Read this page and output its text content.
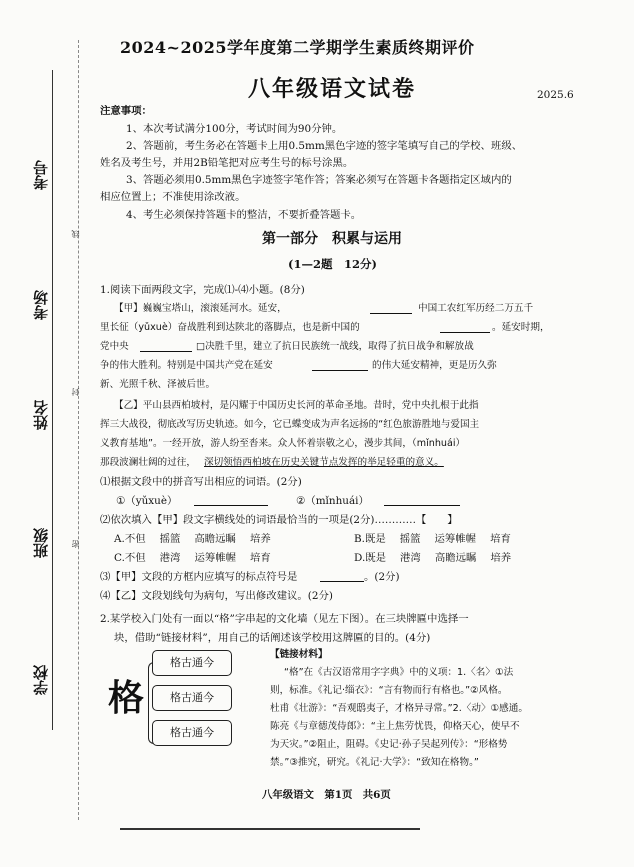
考号
考场
姓名
班级
学校
线
封
密
2024~2025学年度第二学期学生素质终期评价
八年级语文试卷	2025.6
注意事项：
1、本次考试满分100分，考试时间为90分钟。
2、答题前，考生务必在答题卡上用0.5mm黑色字迹的签字笔填写自己的学校、班级、
姓名及考生号，并用2B铅笔把对应考生号的标号涂黑。
3、答题必须用0.5mm黑色字迹签字笔作答；答案必须写在答题卡各题指定区域内的
相应位置上；不准使用涂改液。
4、考生必须保持答题卡的整洁，不要折叠答题卡。
第一部分　积累与运用
(1—2题　12分)
1.阅读下面两段文字，完成⑴-⑷小题。(8分)
【甲】巍巍宝塔山，滚滚延河水。延安，	中国工农红军历经二万五千
里长征（yǔxuè）奋战胜利到达陕北的落脚点，也是新中国的	。延安时期，
党中央	□决胜千里，建立了抗日民族统一战线，取得了抗日战争和解放战
争的伟大胜利。特别是中国共产党在延安	的伟大延安精神，更是历久弥
新、光照千秋、泽被后世。
【乙】平山县西柏坡村，是闪耀于中国历史长河的革命圣地。昔时，党中央扎根于此指
挥三大战役，彻底改写历史轨迹。如今，它已蝶变成为声名远扬的“红色旅游胜地与爱国主
义教育基地”。一经开放，游人纷至沓来。众人怀着崇敬之心，漫步其间，（mǐnhuái）
那段波澜壮阔的过往， 深切领悟西柏坡在历史关键节点发挥的举足轻重的意义。
⑴根据文段中的拼音写出相应的词语。(2分)
①（yǔxuè）	②（mǐnhuái）
⑵依次填入【甲】段文字横线处的词语最恰当的一项是(2分)…………【　　】
A.不但 摇篮 高瞻远瞩 培养	B.既是 摇篮 运筹帷幄 培育
C.不但 港湾 运筹帷幄 培育	D.既是 港湾 高瞻远瞩 培养
⑶【甲】文段的方框内应填写的标点符号是	。(2分)
⑷【乙】文段划线句为病句，写出修改建议。(2分)
2.某学校入门处有一面以“格”字串起的文化墙（见左下图）。在三块牌匾中选择一
块，借助“链接材料”，用自己的话阐述该学校用这牌匾的目的。(4分)
格
格古通今
格古通今
格古通今
【链接材料】
“格”在《古汉语常用字字典》中的义项：1.〈名〉①法
则，标准。《礼记·缁衣》：“言有物而行有格也。”②风格。
杜甫《壮游》：“吾观鸱夷子，才格异寻常。”2.〈动〉①感通。
陈亮《与章德茂侍郎》：“主上焦劳忧畏，仰格天心，使早不
为天灾。”②阻止，阻碍。《史记·孙子吴起列传》：“形格势
禁。”③推究，研究。《礼记·大学》：“致知在格物。”
八年级语文　第1页　共6页
